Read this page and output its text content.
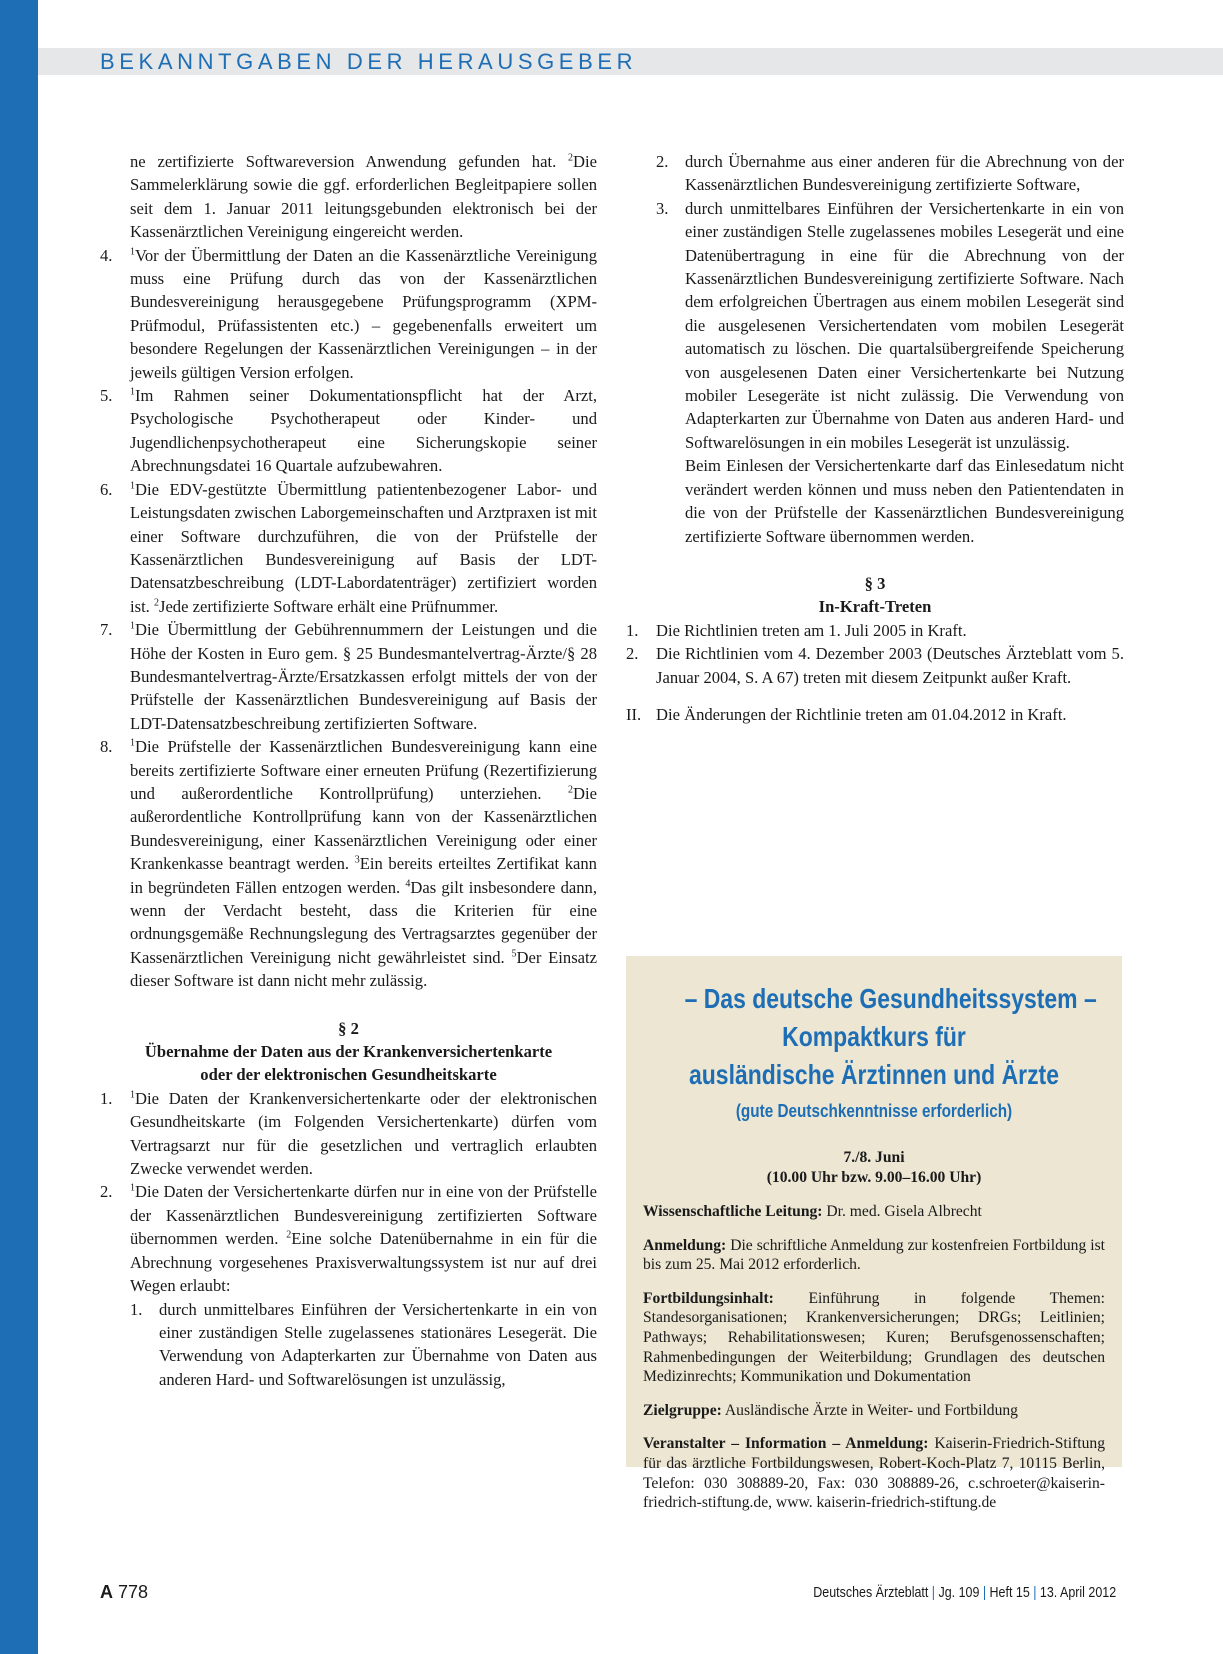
BEKANNTGABEN DER HERAUSGEBER

ne zertifizierte Softwareversion Anwendung gefunden hat. $^2$Die Sammelerklärung sowie die ggf. erforderlichen Begleitpapiere sollen seit dem 1. Januar 2011 leitungsgebunden elektronisch bei der Kassenärztlichen Vereinigung eingereicht werden.

4. $^1$Vor der Übermittlung der Daten an die Kassenärztliche Vereinigung muss eine Prüfung durch das von der Kassenärztlichen Bundesvereinigung herausgegebene Prüfungsprogramm (XPM-Prüfmodul, Prüfassistenten etc.) – gegebenenfalls erweitert um besondere Regelungen der Kassenärztlichen Vereinigungen – in der jeweils gültigen Version erfolgen.

5. $^1$Im Rahmen seiner Dokumentationspflicht hat der Arzt, Psychologische Psychotherapeut oder Kinder- und Jugendlichenpsychotherapeut eine Sicherungskopie seiner Abrechnungsdatei 16 Quartale aufzubewahren.

6. $^1$Die EDV-gestützte Übermittlung patientenbezogener Labor- und Leistungsdaten zwischen Laborgemeinschaften und Arztpraxen ist mit einer Software durchzuführen, die von der Prüfstelle der Kassenärztlichen Bundesvereinigung auf Basis der LDT-Datensatzbeschreibung (LDT-Labordatenträger) zertifiziert worden ist. $^2$Jede zertifizierte Software erhält eine Prüfnummer.

7. $^1$Die Übermittlung der Gebührennummern der Leistungen und die Höhe der Kosten in Euro gem. § 25 Bundesmantelvertrag-Ärzte/§ 28 Bundesmantelvertrag-Ärzte/Ersatzkassen erfolgt mittels der von der Prüfstelle der Kassenärztlichen Bundesvereinigung auf Basis der LDT-Datensatzbeschreibung zertifizierten Software.

8. $^1$Die Prüfstelle der Kassenärztlichen Bundesvereinigung kann eine bereits zertifizierte Software einer erneuten Prüfung (Rezertifizierung und außerordentliche Kontrollprüfung) unterziehen.	$^2$Die außerordentliche Kontrollprüfung kann von der Kassenärztlichen Bundesvereinigung, einer Kassenärztlichen Vereinigung oder einer Krankenkasse beantragt werden. $^3$Ein bereits erteiltes Zertifikat kann in begründeten Fällen entzogen werden. $^4$Das gilt insbesondere dann, wenn der Verdacht besteht, dass die Kriterien für eine ordnungsgemäße Rechnungslegung des Vertragsarztes gegenüber der Kassenärztlichen Vereinigung nicht gewährleistet sind. $^5$Der Einsatz dieser Software ist dann nicht mehr zulässig.

§ 2

Übernahme der Daten aus der Krankenversichertenkarte
oder der elektronischen Gesundheitskarte

1. $^1$Die Daten der Krankenversichertenkarte oder der elektronischen Gesundheitskarte (im Folgenden Versichertenkarte) dürfen vom Vertragsarzt nur für die gesetzlichen und vertraglich erlaubten Zwecke verwendet werden.

2. $^1$Die Daten der Versichertenkarte dürfen nur in eine von der Prüfstelle der Kassenärztlichen Bundesvereinigung zertifizierten Software übernommen werden. $^2$Eine solche Datenübernahme in ein für die Abrechnung vorgesehenes Praxisverwaltungssystem ist nur auf drei Wegen erlaubt:

1. durch unmittelbares Einführen der Versichertenkarte in ein von einer zuständigen Stelle zugelassenes stationäres Lesegerät. Die Verwendung von Adapterkarten zur Übernahme von Daten aus anderen Hard- und Softwarelösungen ist unzulässig,

2. durch Übernahme aus einer anderen für die Abrechnung von der Kassenärztlichen Bundesvereinigung zertifizierte Software,

3. durch unmittelbares Einführen der Versichertenkarte in ein von einer zuständigen Stelle zugelassenes mobiles Lesegerät und eine Datenübertragung in eine für die Abrechnung von der Kassenärztlichen Bundesvereinigung zertifizierte Software. Nach dem erfolgreichen Übertragen aus einem mobilen Lesegerät sind die ausgelesenen Versichertendaten vom mobilen Lesegerät automatisch zu löschen. Die quartalsübergreifende Speicherung von ausgelesenen Daten einer Versichertenkarte bei Nutzung mobiler Lesegeräte ist nicht zulässig. Die Verwendung von Adapterkarten zur Übernahme von Daten aus anderen Hard- und Softwarelösungen in ein mobiles Lesegerät ist unzulässig.

Beim Einlesen der Versichertenkarte darf das Einlesedatum nicht verändert werden können und muss neben den Patientendaten in die von der Prüfstelle der Kassenärztlichen Bundesvereinigung zertifizierte Software übernommen werden.

§ 3

In-Kraft-Treten

1. Die Richtlinien treten am 1. Juli 2005 in Kraft.

2. Die Richtlinien vom 4. Dezember 2003 (Deutsches Ärzteblatt vom 5. Januar 2004, S. A 67) treten mit diesem Zeitpunkt außer Kraft.

II. Die Änderungen der Richtlinie treten am 01.04.2012 in Kraft.

– Das deutsche Gesundheitssystem –

Kompaktkurs für

ausländische Ärztinnen und Ärzte

(gute Deutschkenntnisse erforderlich)

7./8. Juni
(10.00 Uhr bzw. 9.00–16.00 Uhr)

Wissenschaftliche Leitung: Dr. med. Gisela Albrecht

Anmeldung: Die schriftliche Anmeldung zur kostenfreien Fortbildung ist bis zum 25. Mai 2012 erforderlich.

Fortbildungsinhalt: Einführung in folgende Themen: Standesorganisationen; Krankenversicherungen; DRGs; Leitlinien; Pathways; Rehabilitationswesen; Kuren; Berufsgenossenschaften; Rahmenbedingungen der Weiterbildung; Grundlagen des deutschen Medizinrechts; Kommunikation und Dokumentation

Zielgruppe: Ausländische Ärzte in Weiter- und Fortbildung

Veranstalter – Information – Anmeldung: Kaiserin-Friedrich-Stiftung für das ärztliche Fortbildungswesen, Robert-Koch-Platz 7, 10115 Berlin, Telefon: 030 308889-20, Fax: 030 308889-26, c.schroeter@kaiserin-friedrich-stiftung.de, www. kaiserin-friedrich-stiftung.de

A 778	Deutsches Ärzteblatt | Jg. 109 | Heft 15 | 13. April 2012
